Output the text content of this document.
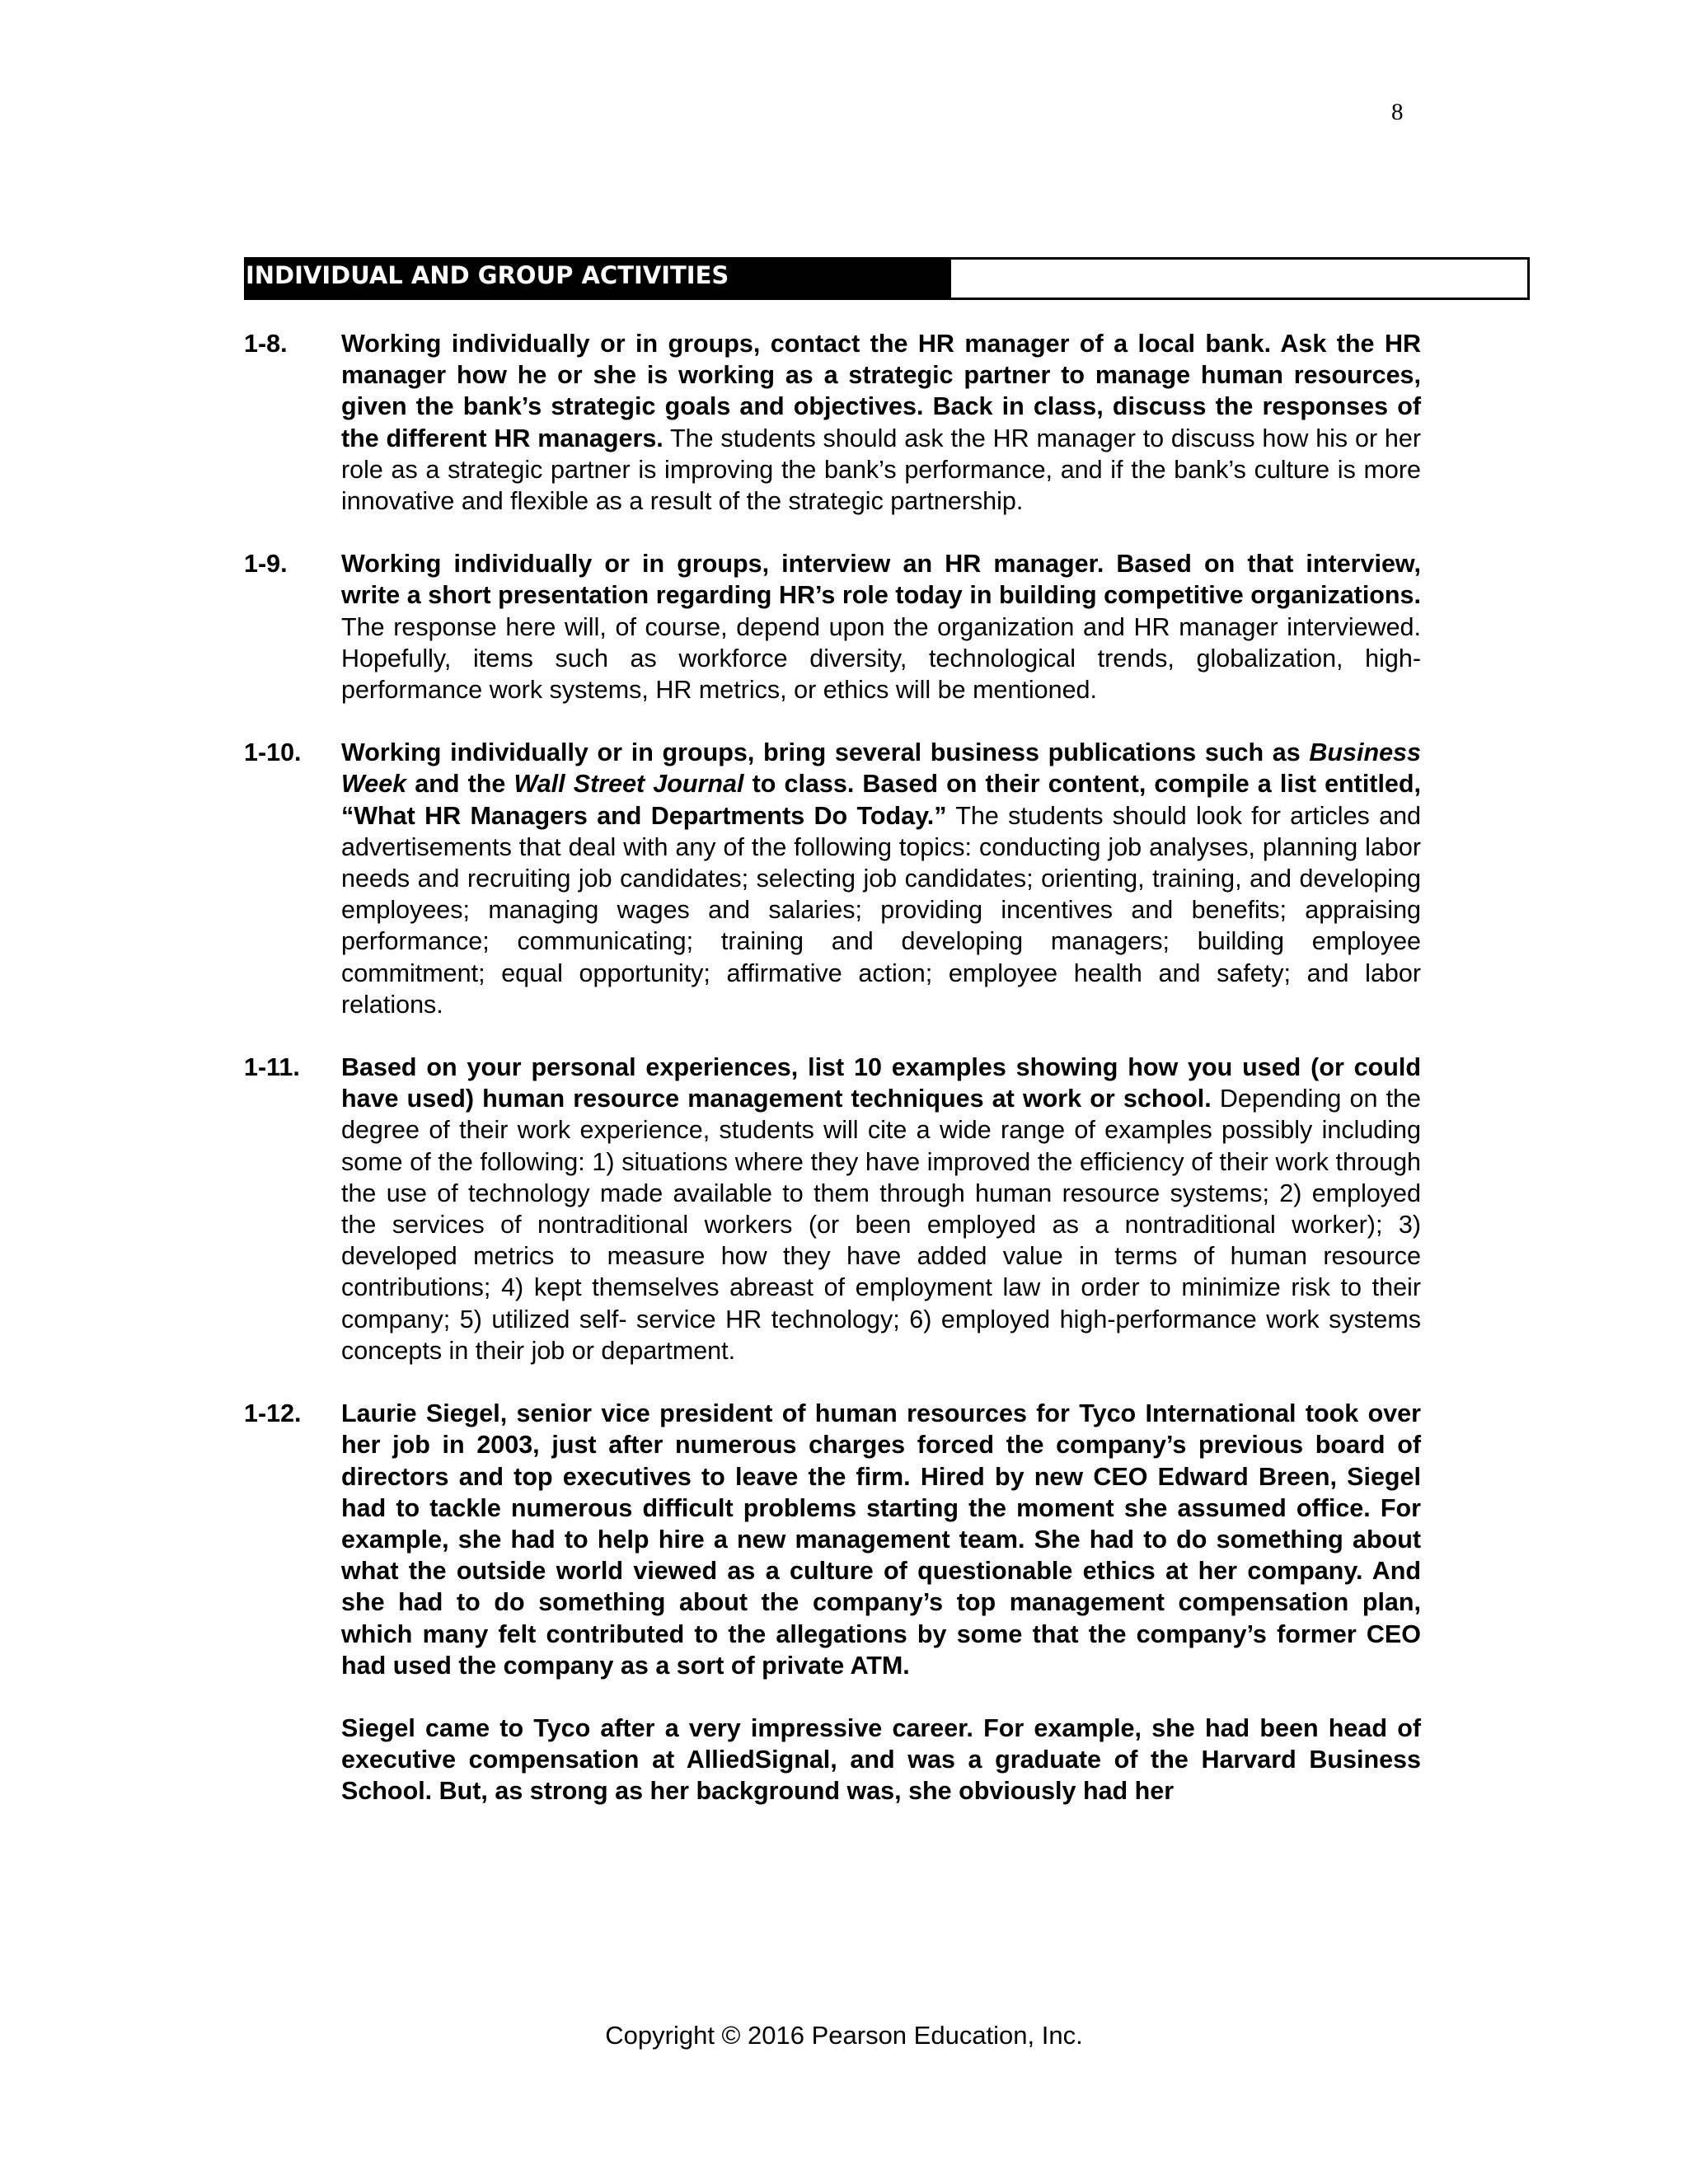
8
INDIVIDUAL AND GROUP ACTIVITIES
1-8.	Working individually or in groups, contact the HR manager of a local bank. Ask the HR manager how he or she is working as a strategic partner to manage human resources, given the bank’s strategic goals and objectives. Back in class, discuss the responses of the different HR managers. The students should ask the HR manager to discuss how his or her role as a strategic partner is improving the bank’s performance, and if the bank’s culture is more innovative and flexible as a result of the strategic partnership.

1-9.	Working individually or in groups, interview an HR manager. Based on that interview, write a short presentation regarding HR’s role today in building competitive organizations. The response here will, of course, depend upon the organization and HR manager interviewed. Hopefully, items such as workforce diversity, technological trends, globalization, high-performance work systems, HR metrics, or ethics will be mentioned.

1-10.	Working individually or in groups, bring several business publications such as Business Week and the Wall Street Journal to class. Based on their content, compile a list entitled, “What HR Managers and Departments Do Today.” The students should look for articles and advertisements that deal with any of the following topics: conducting job analyses, planning labor needs and recruiting job candidates; selecting job candidates; orienting, training, and developing employees; managing wages and salaries; providing incentives and benefits; appraising performance; communicating; training and developing managers; building employee commitment; equal opportunity; affirmative action; employee health and safety; and labor relations.

1-11.	Based on your personal experiences, list 10 examples showing how you used (or could have used) human resource management techniques at work or school. Depending on the degree of their work experience, students will cite a wide range of examples possibly including some of the following: 1) situations where they have improved the efficiency of their work through the use of technology made available to them through human resource systems; 2) employed the services of nontraditional workers (or been employed as a nontraditional worker); 3) developed metrics to measure how they have added value in terms of human resource contributions; 4) kept themselves abreast of employment law in order to minimize risk to their company; 5) utilized self- service HR technology; 6) employed high-performance work systems concepts in their job or department.

1-12.	Laurie Siegel, senior vice president of human resources for Tyco International took over her job in 2003, just after numerous charges forced the company’s previous board of directors and top executives to leave the firm. Hired by new CEO Edward Breen, Siegel had to tackle numerous difficult problems starting the moment she assumed office. For example, she had to help hire a new management team. She had to do something about what the outside world viewed as a culture of questionable ethics at her company. And she had to do something about the company’s top management compensation plan, which many felt contributed to the allegations by some that the company’s former CEO had used the company as a sort of private ATM.

Siegel came to Tyco after a very impressive career. For example, she had been head of executive compensation at AlliedSignal, and was a graduate of the Harvard Business School. But, as strong as her background was, she obviously had her

Copyright © 2016 Pearson Education, Inc.
